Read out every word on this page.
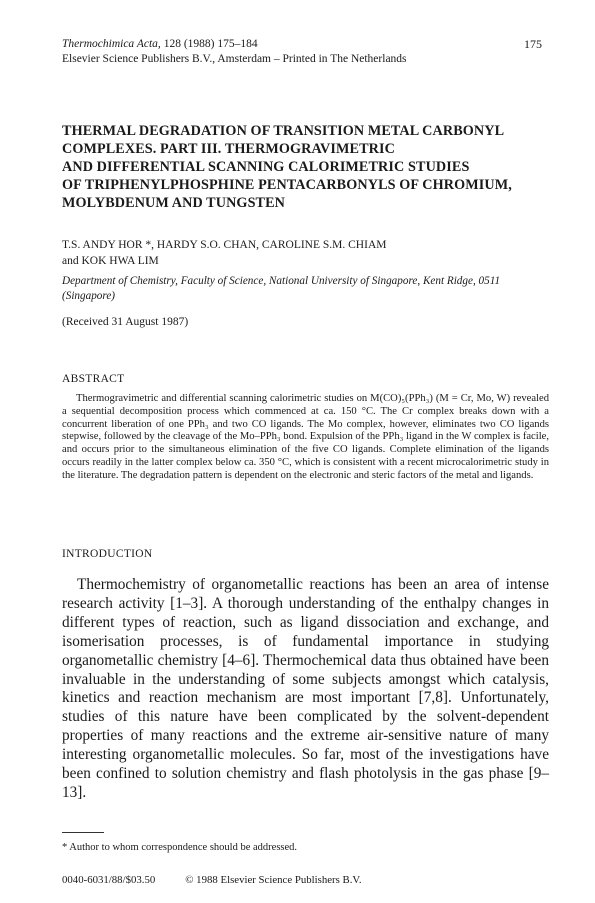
Thermochimica Acta, 128 (1988) 175–184
Elsevier Science Publishers B.V., Amsterdam – Printed in The Netherlands
175
THERMAL DEGRADATION OF TRANSITION METAL CARBONYL
COMPLEXES. PART III. THERMOGRAVIMETRIC
AND DIFFERENTIAL SCANNING CALORIMETRIC STUDIES
OF TRIPHENYLPHOSPHINE PENTACARBONYLS OF CHROMIUM,
MOLYBDENUM AND TUNGSTEN
T.S. ANDY HOR *, HARDY S.O. CHAN, CAROLINE S.M. CHIAM
and KOK HWA LIM
Department of Chemistry, Faculty of Science, National University of Singapore, Kent Ridge, 0511 (Singapore)
(Received 31 August 1987)
ABSTRACT
Thermogravimetric and differential scanning calorimetric studies on M(CO)₅(PPh₃) (M = Cr, Mo, W) revealed a sequential decomposition process which commenced at ca. 150 °C. The Cr complex breaks down with a concurrent liberation of one PPh₃ and two CO ligands. The Mo complex, however, eliminates two CO ligands stepwise, followed by the cleavage of the Mo–PPh₃ bond. Expulsion of the PPh₃ ligand in the W complex is facile, and occurs prior to the simultaneous elimination of the five CO ligands. Complete elimination of the ligands occurs readily in the latter complex below ca. 350 °C, which is consistent with a recent microcalorimetric study in the literature. The degradation pattern is dependent on the electronic and steric factors of the metal and ligands.
INTRODUCTION
Thermochemistry of organometallic reactions has been an area of intense research activity [1–3]. A thorough understanding of the enthalpy changes in different types of reaction, such as ligand dissociation and exchange, and isomerisation processes, is of fundamental importance in studying organometallic chemistry [4–6]. Thermochemical data thus obtained have been invaluable in the understanding of some subjects amongst which catalysis, kinetics and reaction mechanism are most important [7,8]. Unfortunately, studies of this nature have been complicated by the solvent-dependent properties of many reactions and the extreme air-sensitive nature of many interesting organometallic molecules. So far, most of the investigations have been confined to solution chemistry and flash photolysis in the gas phase [9–13].
* Author to whom correspondence should be addressed.
0040-6031/88/$03.50	© 1988 Elsevier Science Publishers B.V.
